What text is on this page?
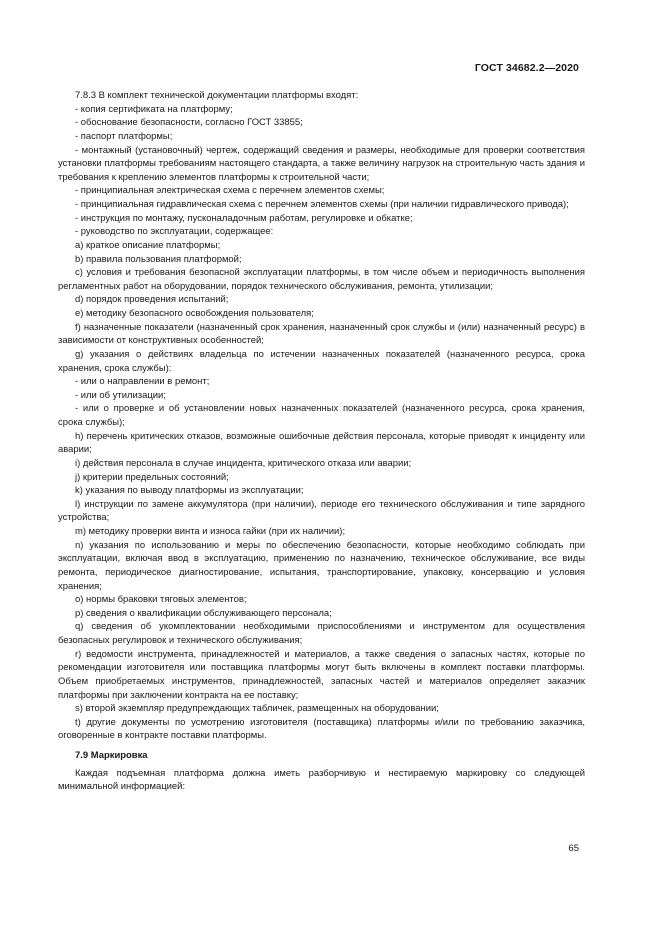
ГОСТ 34682.2—2020

7.8.3 В комплект технической документации платформы входят:

- копия сертификата на платформу;

- обоснование безопасности, согласно ГОСТ 33855;

- паспорт платформы;

- монтажный (установочный) чертеж, содержащий сведения и размеры, необходимые для проверки соответствия установки платформы требованиям настоящего стандарта, а также величину нагрузок на строительную часть здания и требования к креплению элементов платформы к строительной части;

- принципиальная электрическая схема с перечнем элементов схемы;

- принципиальная гидравлическая схема с перечнем элементов схемы (при наличии гидравлического привода);

- инструкция по монтажу, пусконаладочным работам, регулировке и обкатке;

- руководство по эксплуатации, содержащее:

a) краткое описание платформы;

b) правила пользования платформой;

c) условия и требования безопасной эксплуатации платформы, в том числе объем и периодичность выполнения регламентных работ на оборудовании, порядок технического обслуживания, ремонта, утилизации;

d) порядок проведения испытаний;

e) методику безопасного освобождения пользователя;

f) назначенные показатели (назначенный срок хранения, назначенный срок службы и (или) назначенный ресурс) в зависимости от конструктивных особенностей;

g) указания о действиях владельца по истечении назначенных показателей (назначенного ресурса, срока хранения, срока службы):

- или о направлении в ремонт;

- или об утилизации;

- или о проверке и об установлении новых назначенных показателей (назначенного ресурса, срока хранения, срока службы);

h) перечень критических отказов, возможные ошибочные действия персонала, которые приводят к инциденту или аварии;

i) действия персонала в случае инцидента, критического отказа или аварии;

j) критерии предельных состояний;

k) указания по выводу платформы из эксплуатации;

l) инструкции по замене аккумулятора (при наличии), периоде его технического обслуживания и типе зарядного устройства;

m) методику проверки винта и износа гайки (при их наличии);

n) указания по использованию и меры по обеспечению безопасности, которые необходимо соблюдать при эксплуатации, включая ввод в эксплуатацию, применению по назначению, техническое обслуживание, все виды ремонта, периодическое диагностирование, испытания, транспортирование, упаковку, консервацию и условия хранения;

o) нормы браковки тяговых элементов;

p) сведения о квалификации обслуживающего персонала;

q) сведения об укомплектовании необходимыми приспособлениями и инструментом для осуществления безопасных регулировок и технического обслуживания;

r) ведомости инструмента, принадлежностей и материалов, а также сведения о запасных частях, которые по рекомендации изготовителя или поставщика платформы могут быть включены в комплект поставки платформы. Объем приобретаемых инструментов, принадлежностей, запасных частей и материалов определяет заказчик платформы при заключении контракта на ее поставку;

s) второй экземпляр предупреждающих табличек, размещенных на оборудовании;

t) другие документы по усмотрению изготовителя (поставщика) платформы и/или по требованию заказчика, оговоренные в контракте поставки платформы.

7.9 Маркировка

Каждая подъемная платформа должна иметь разборчивую и нестираемую маркировку со следующей минимальной информацией:

65
